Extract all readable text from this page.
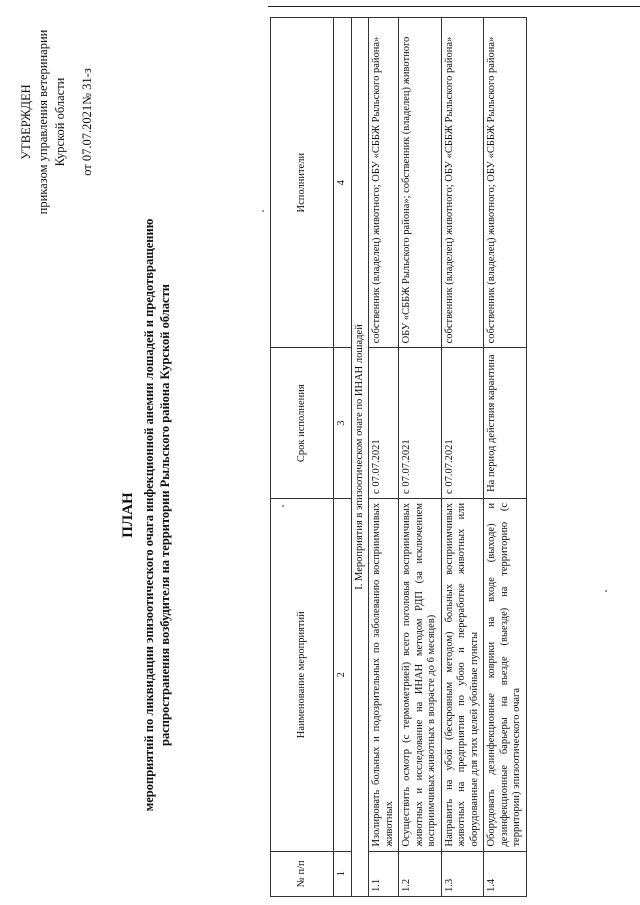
УТВЕРЖДЕН приказом управления ветеринарии Курской области от 07.07.2021№ 31-з
ПЛАН мероприятий по ликвидации эпизоотического очага инфекционной анемии лошадей и предотвращению распространения возбудителя на территории Рыльского района Курской области
№ п/п	Наименование мероприятий	Срок исполнения	Исполнители
1	2	3	4
I. Мероприятия в эпизоотическом очаге по ИНАН лошадей			
1.1	Изолировать больных и подозрительных по заболеванию восприимчивых животных	с 07.07.2021	собственник (владелец) животного; ОБУ «СББЖ Рыльского района»
1.2	Осуществить осмотр (с термометрией) всего поголовья восприимчивых животных и исследование на ИНАН методом РДП (за исключением восприимчивых животных в возрасте до 6 месяцев)	с 07.07.2021	ОБУ «СББЖ Рыльского района»; собственник (владелец) животного
1.3	Направить на убой (бескровным методом) больных восприимчивых животных на предприятия по убою и переработке животных или оборудованные для этих целей убойные пункты	с 07.07.2021	собственник (владелец) животного; ОБУ «СББЖ Рыльского района»
1.4	Оборудовать дезинфекционные коврики на входе (выходе) и дезинфекционные барьеры на въезде (выезде) на территорию (с территории) эпизоотического очага	На период действия карантина	собственник (владелец) животного; ОБУ «СББЖ Рыльского района»
